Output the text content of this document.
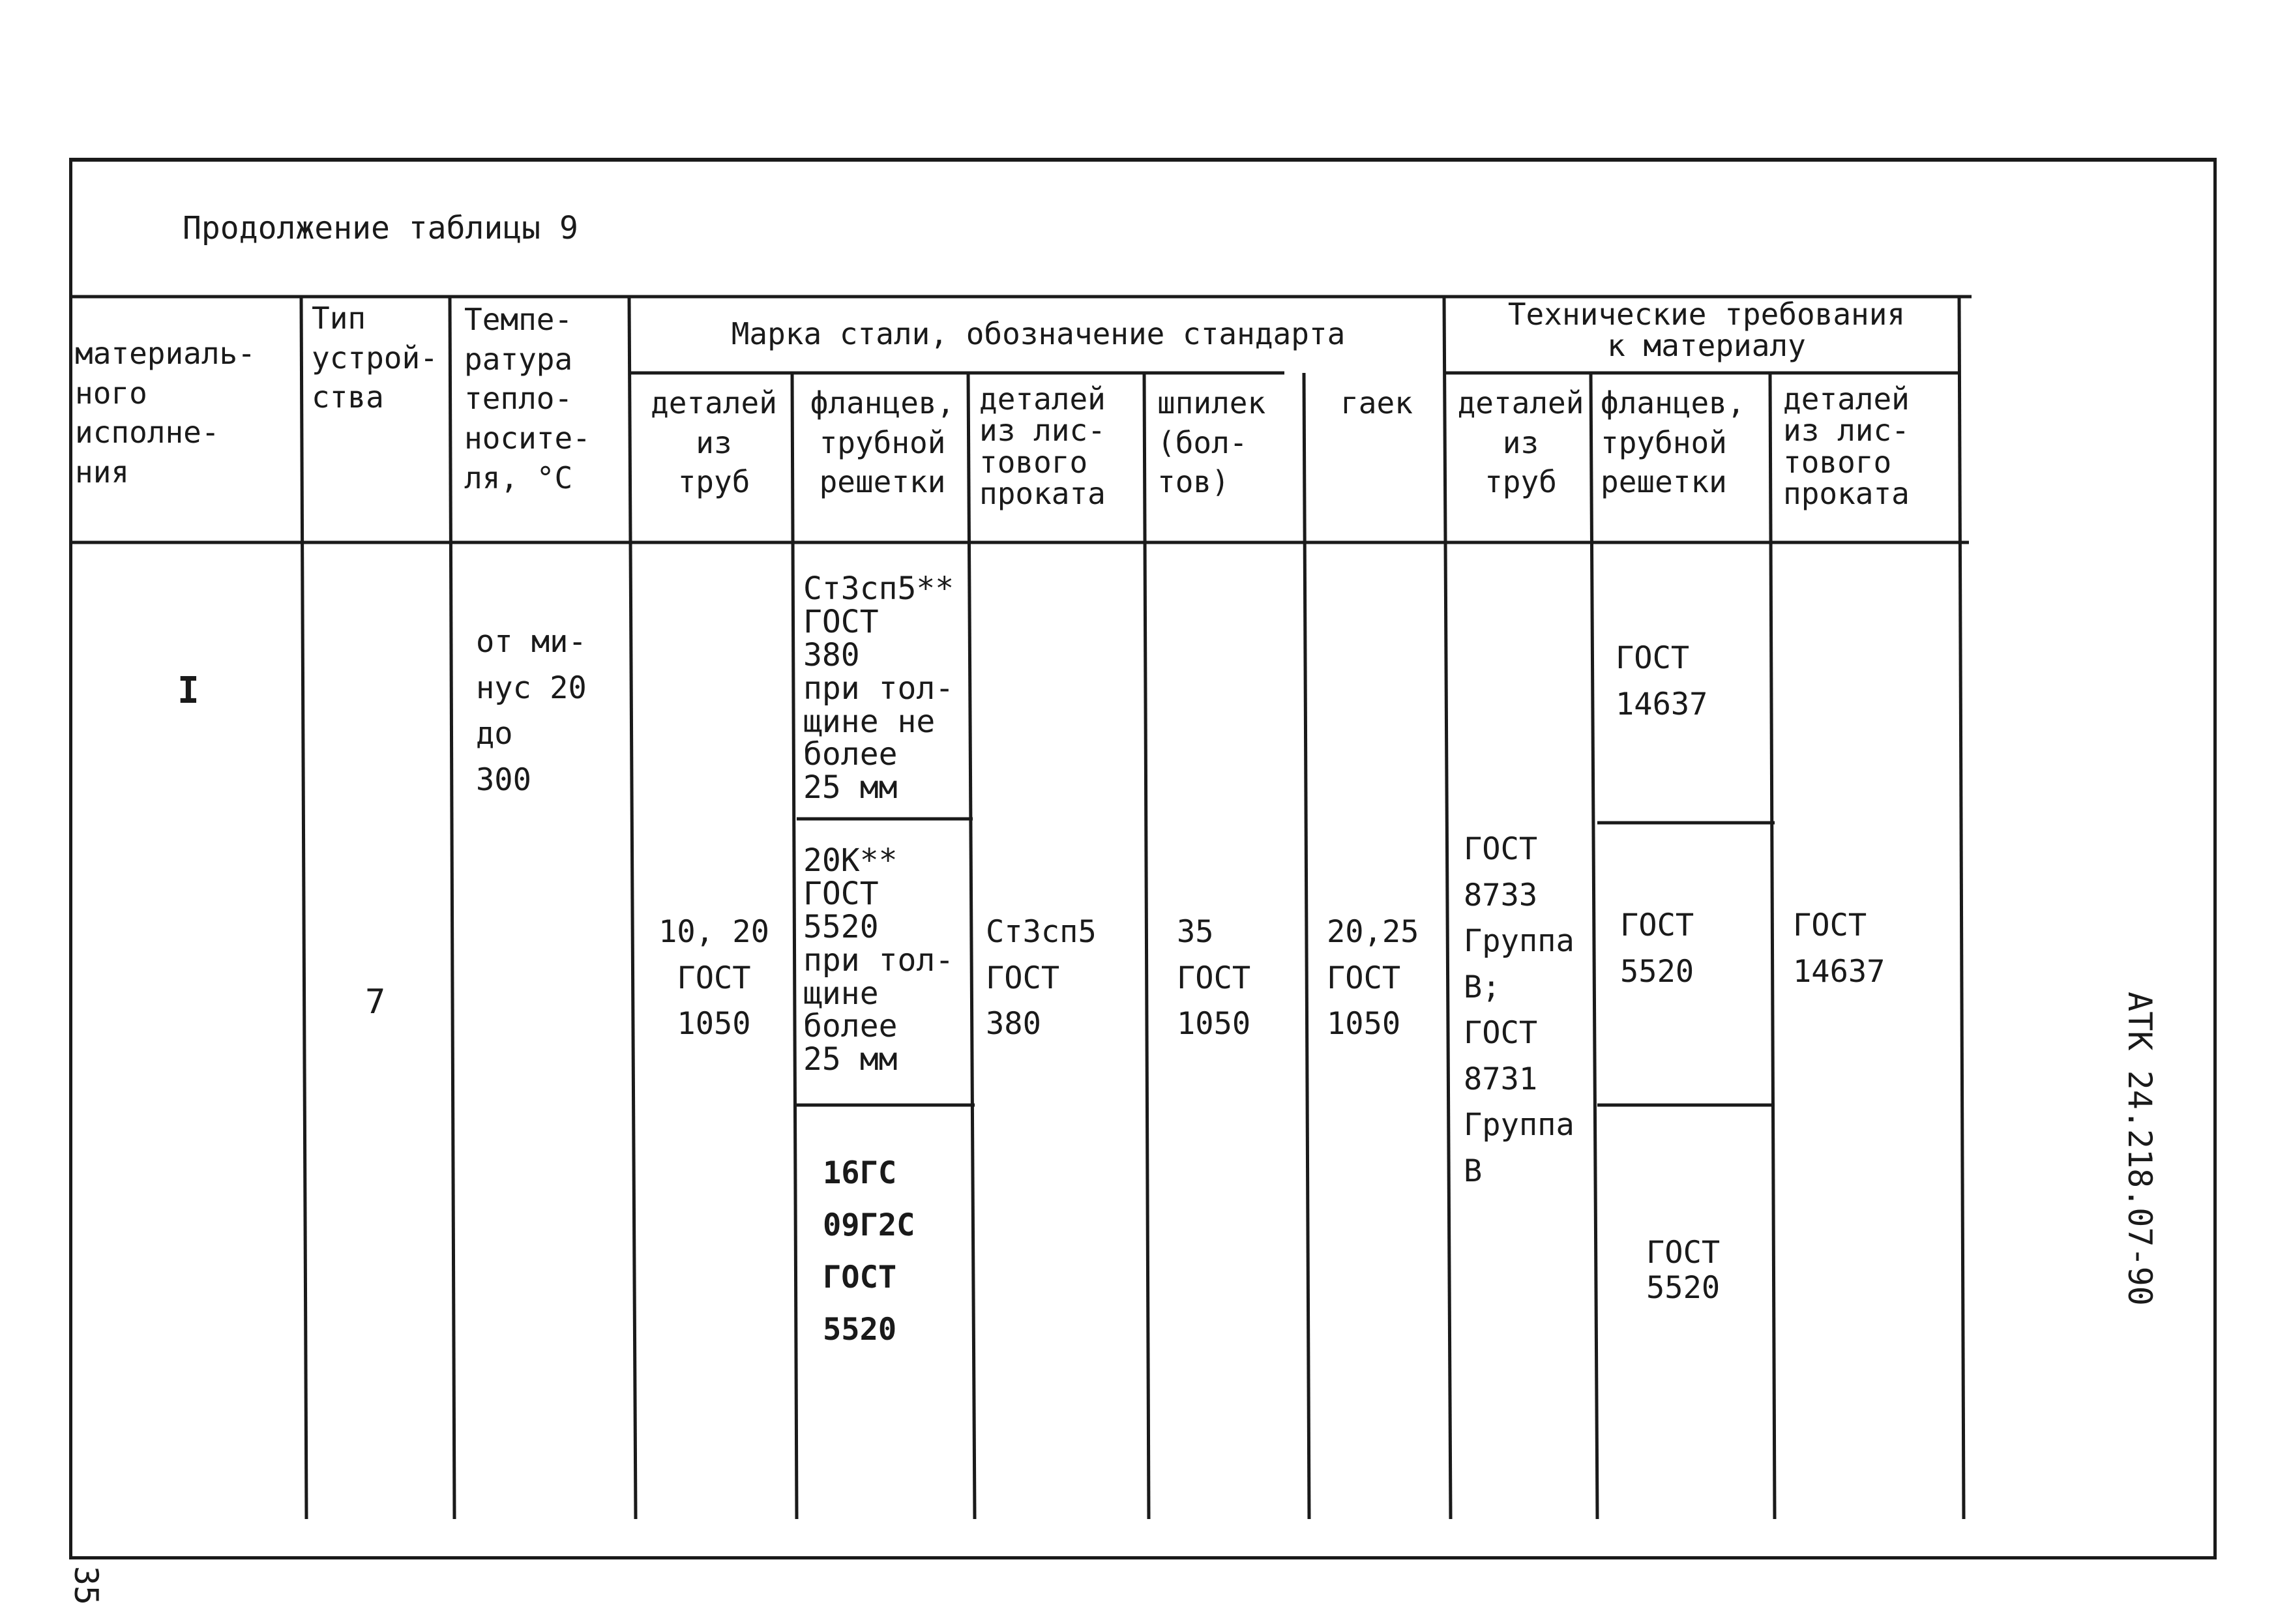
Продолжение таблицы 9
материаль-
ного
исполне-
ния
Тип
устрой-
ства
Темпе-
ратура
тепло-
носите-
ля, °С
Марка стали, обозначение стандарта
Технические требования
к материалу
деталей
из
труб
фланцев,
трубной
решетки
деталей
из лис-
тового
проката
шпилек
(бол-
тов)
гаек	деталей
из
труб
фланцев,
трубной
решетки
деталей
из лис-
тового
проката
I
7
от ми-
нус 20
до
300
10, 20
ГОСТ
1050
Ст3сп5**
ГОСТ
380
при тол-
щине не
более
25 мм
20К**
ГОСТ
5520
при тол-
щине
более
25 мм
16ГС
09Г2С
ГОСТ
5520
Ст3сп5
ГОСТ
380
35
ГОСТ
1050
20,25
ГОСТ
1050
ГОСТ
8733
Группа
В;
ГОСТ
8731
Группа
В
ГОСТ
14637
ГОСТ
5520
ГОСТ
5520
ГОСТ
14637
АТК 24.218.07-90
35
